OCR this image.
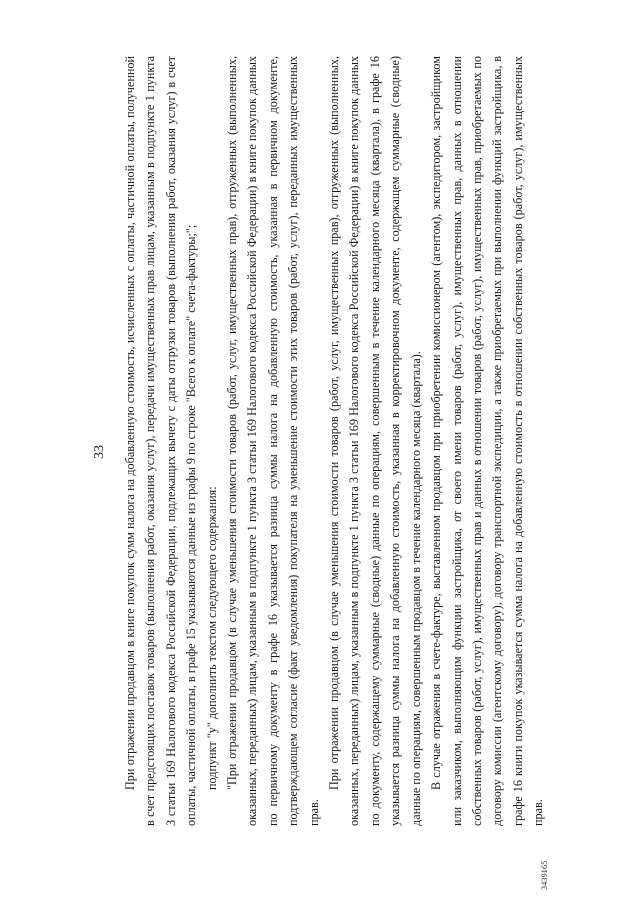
33 При отражении продавцом в книге покупок сумм налога на добавленную стоимость, исчисленных с оплаты, частичной оплаты, полученной в счет предстоящих поставок товаров (выполнения работ, оказания услуг), передачи имущественных прав лицам, указанным в подпункте 1 пункта 3 статьи 169 Налогового кодекса Российской Федерации, подлежащих вычету с даты отгрузки товаров (выполнения работ, оказания услуг) в счет оплаты, частичной оплаты, в графе 15 указываются данные из графы 9 по строке "Всего к оплате" счета-фактуры;"; подпункт "у" дополнить текстом следующего содержания: "При отражении продавцом (в случае уменьшения стоимости товаров (работ, услуг, имущественных прав), отгруженных (выполненных, оказанных, переданных) лицам, указанным в подпункте 1 пункта 3 статьи 169 Налогового кодекса Российской Федерации) в книге покупок данных по первичному документу в графе 16 указывается разница суммы налога на добавленную стоимость, указанная в первичном документе, подтверждающем согласие (факт уведомления) покупателя на уменьшение стоимости этих товаров (работ, услуг), переданных имущественных прав.

При отражении продавцом (в случае уменьшения стоимости товаров (работ, услуг, имущественных прав), отгруженных (выполненных, оказанных, переданных) лицам, указанным в подпункте 1 пункта 3 статьи 169 Налогового кодекса Российской Федерации) в книге покупок данных по документу, содержащему суммарные (сводные) данные по операциям, совершенным в течение календарного месяца (квартала), в графе 16 указывается разница суммы налога на добавленную стоимость, указанная в корректировочном документе, содержащем суммарные (сводные) данные по операциям, совершенным продавцом в течение календарного месяца (квартала). В случае отражения в счете-фактуре, выставленном продавцом при приобретении комиссионером (агентом), экспедитором, застройщиком или заказчиком, выполняющим функции застройщика, от своего имени товаров (работ, услуг), имущественных прав, данных в отношении собственных товаров (работ, услуг), имущественных прав и данных в отношении товаров (работ, услуг), имущественных прав, приобретаемых по договору комиссии (агентскому договору), договору транспортной экспедиции, а также приобретаемых при выполнении функций застройщика, в графе 16 книги покупок указывается сумма налога на добавленную стоимость в отношении собственных товаров (работ, услуг), имущественных прав.

3439165
